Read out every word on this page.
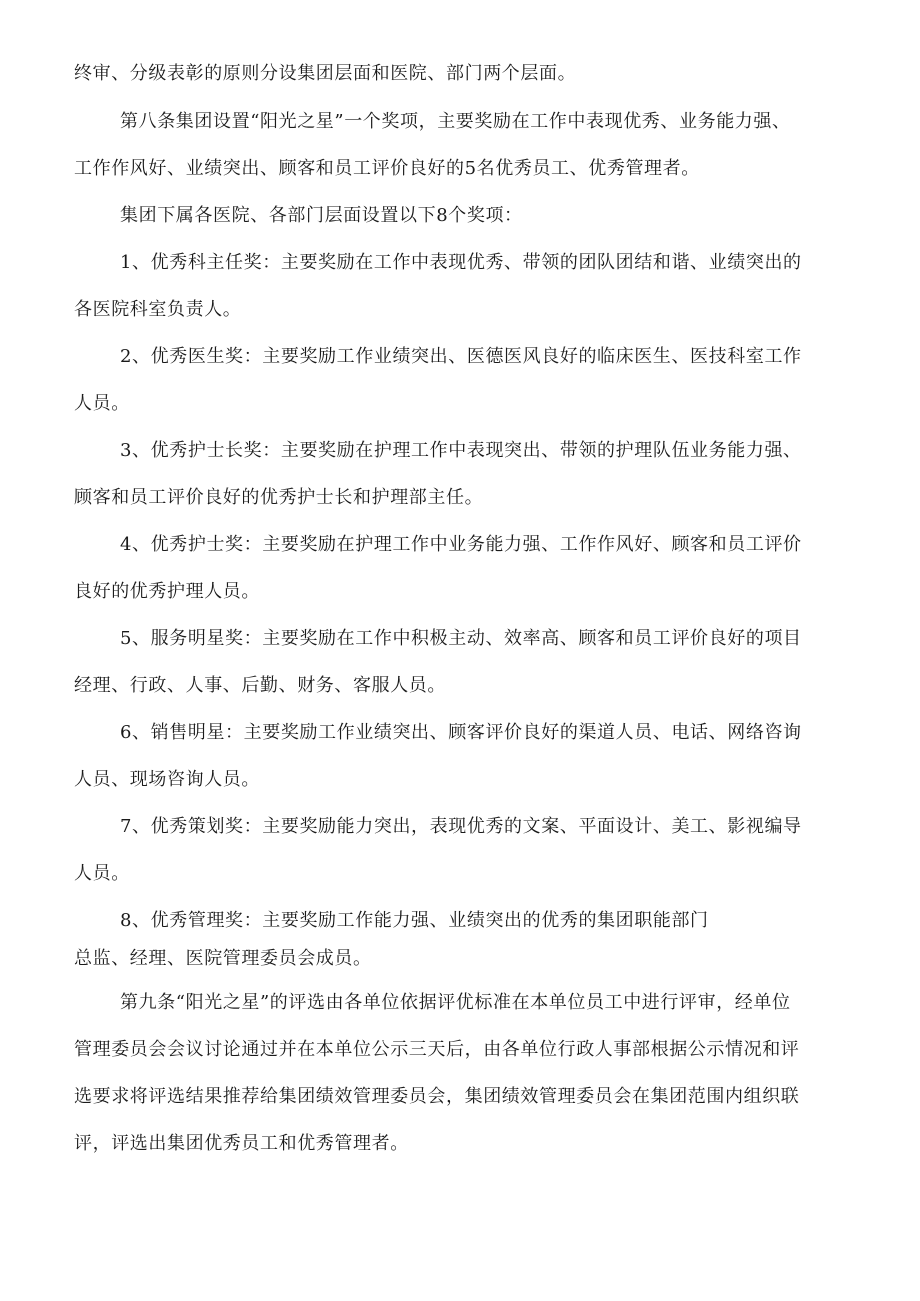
终审、分级表彰的原则分设集团层面和医院、部门两个层面。
第八条集团设置“阳光之星”一个奖项，主要奖励在工作中表现优秀、业务能力强、
工作作风好、业绩突出、顾客和员工评价良好的5名优秀员工、优秀管理者。
集团下属各医院、各部门层面设置以下8个奖项：
1、优秀科主任奖：主要奖励在工作中表现优秀、带领的团队团结和谐、业绩突出的
各医院科室负责人。
2、优秀医生奖：主要奖励工作业绩突出、医德医风良好的临床医生、医技科室工作
人员。
3、优秀护士长奖：主要奖励在护理工作中表现突出、带领的护理队伍业务能力强、
顾客和员工评价良好的优秀护士长和护理部主任。
4、优秀护士奖：主要奖励在护理工作中业务能力强、工作作风好、顾客和员工评价
良好的优秀护理人员。
5、服务明星奖：主要奖励在工作中积极主动、效率高、顾客和员工评价良好的项目
经理、行政、人事、后勤、财务、客服人员。
6、销售明星：主要奖励工作业绩突出、顾客评价良好的渠道人员、电话、网络咨询
人员、现场咨询人员。
7、优秀策划奖：主要奖励能力突出，表现优秀的文案、平面设计、美工、影视编导
人员。
8、优秀管理奖：主要奖励工作能力强、业绩突出的优秀的集团职能部门
总监、经理、医院管理委员会成员。
第九条“阳光之星”的评选由各单位依据评优标准在本单位员工中进行评审，经单位
管理委员会会议讨论通过并在本单位公示三天后，由各单位行政人事部根据公示情况和评
选要求将评选结果推荐给集团绩效管理委员会，集团绩效管理委员会在集团范围内组织联
评，评选出集团优秀员工和优秀管理者。
